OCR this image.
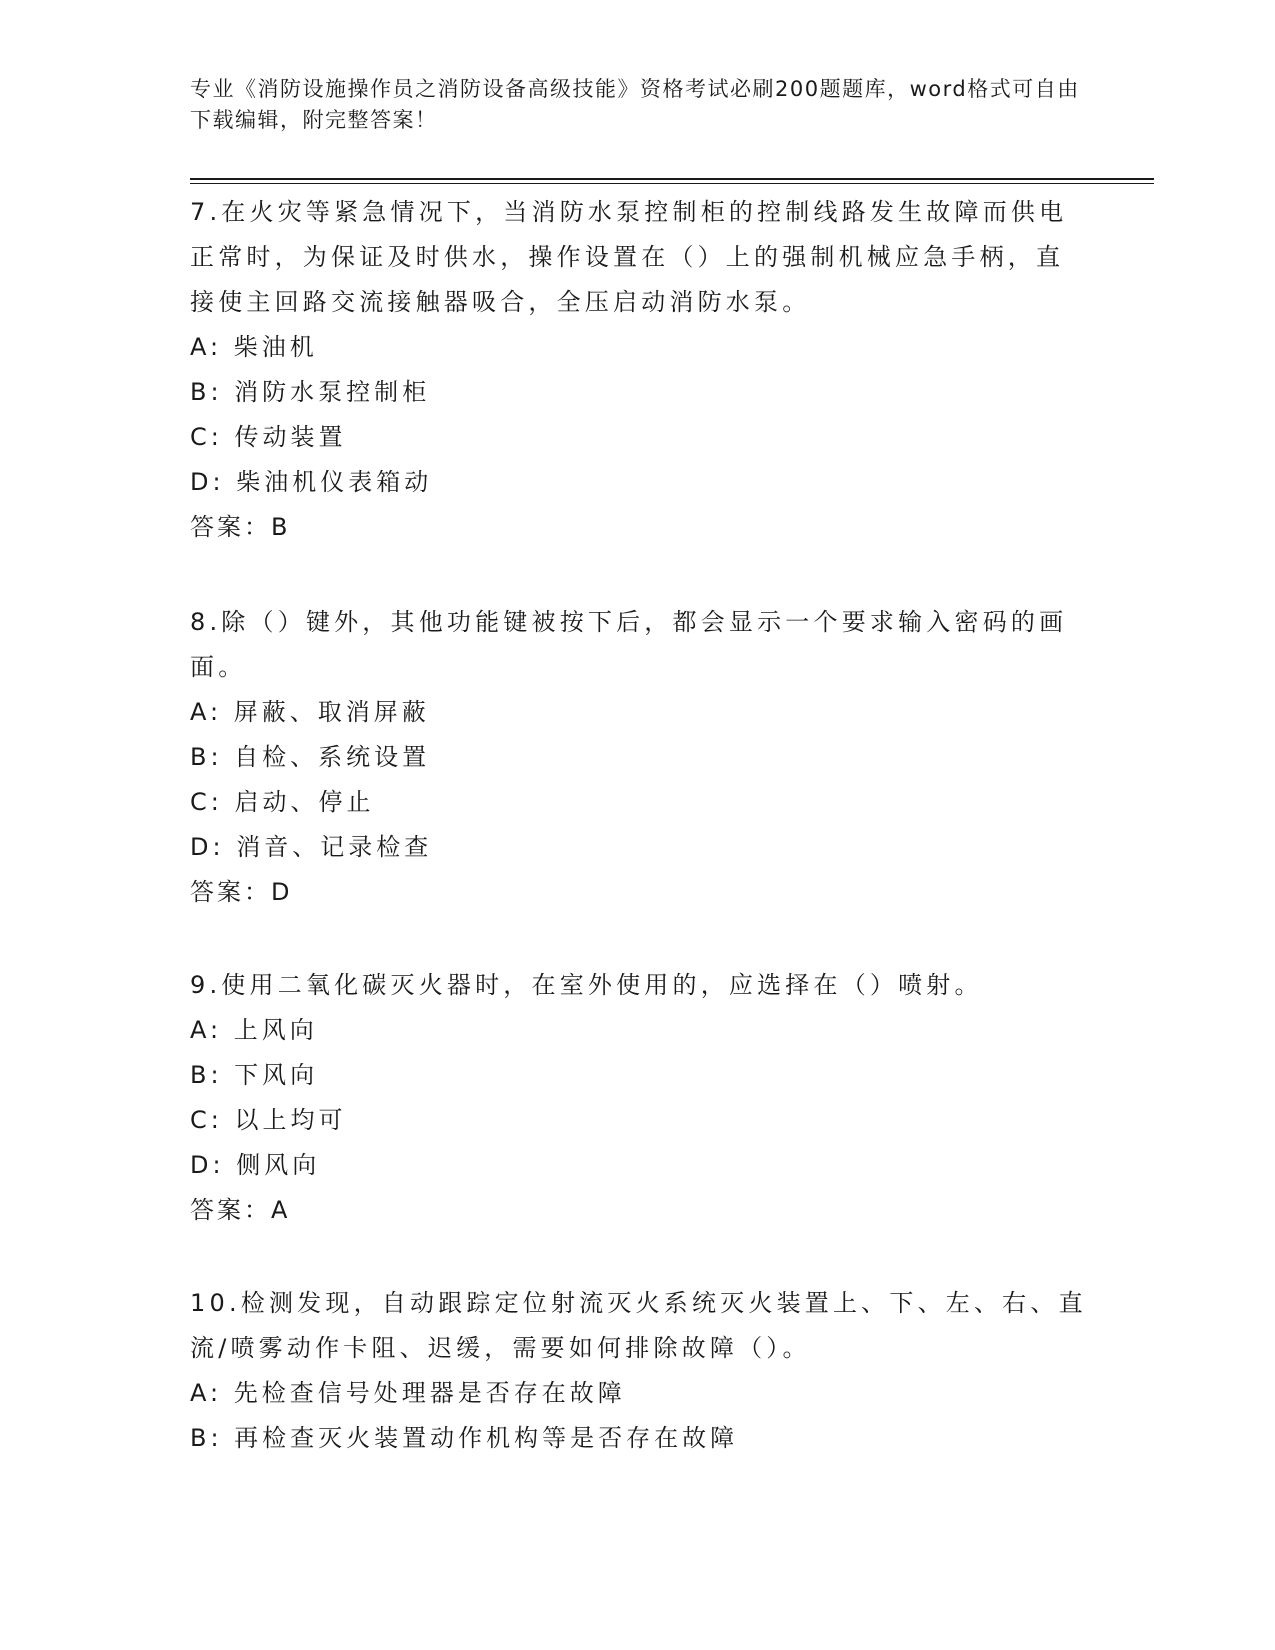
专业《消防设施操作员之消防设备高级技能》资格考试必刷200题题库，word格式可自由下载编辑，附完整答案！
7.在火灾等紧急情况下，当消防水泵控制柜的控制线路发生故障而供电正常时，为保证及时供水，操作设置在（）上的强制机械应急手柄，直接使主回路交流接触器吸合，全压启动消防水泵。
A: 柴油机
B: 消防水泵控制柜
C: 传动装置
D: 柴油机仪表箱动
答案：B
8.除（）键外，其他功能键被按下后，都会显示一个要求输入密码的画面。
A: 屏蔽、取消屏蔽
B: 自检、系统设置
C: 启动、停止
D: 消音、记录检查
答案：D
9.使用二氧化碳灭火器时，在室外使用的，应选择在（）喷射。
A: 上风向
B: 下风向
C: 以上均可
D: 侧风向
答案：A
10.检测发现，自动跟踪定位射流灭火系统灭火装置上、下、左、右、直流/喷雾动作卡阻、迟缓，需要如何排除故障（）。
A: 先检查信号处理器是否存在故障
B: 再检查灭火装置动作机构等是否存在故障
